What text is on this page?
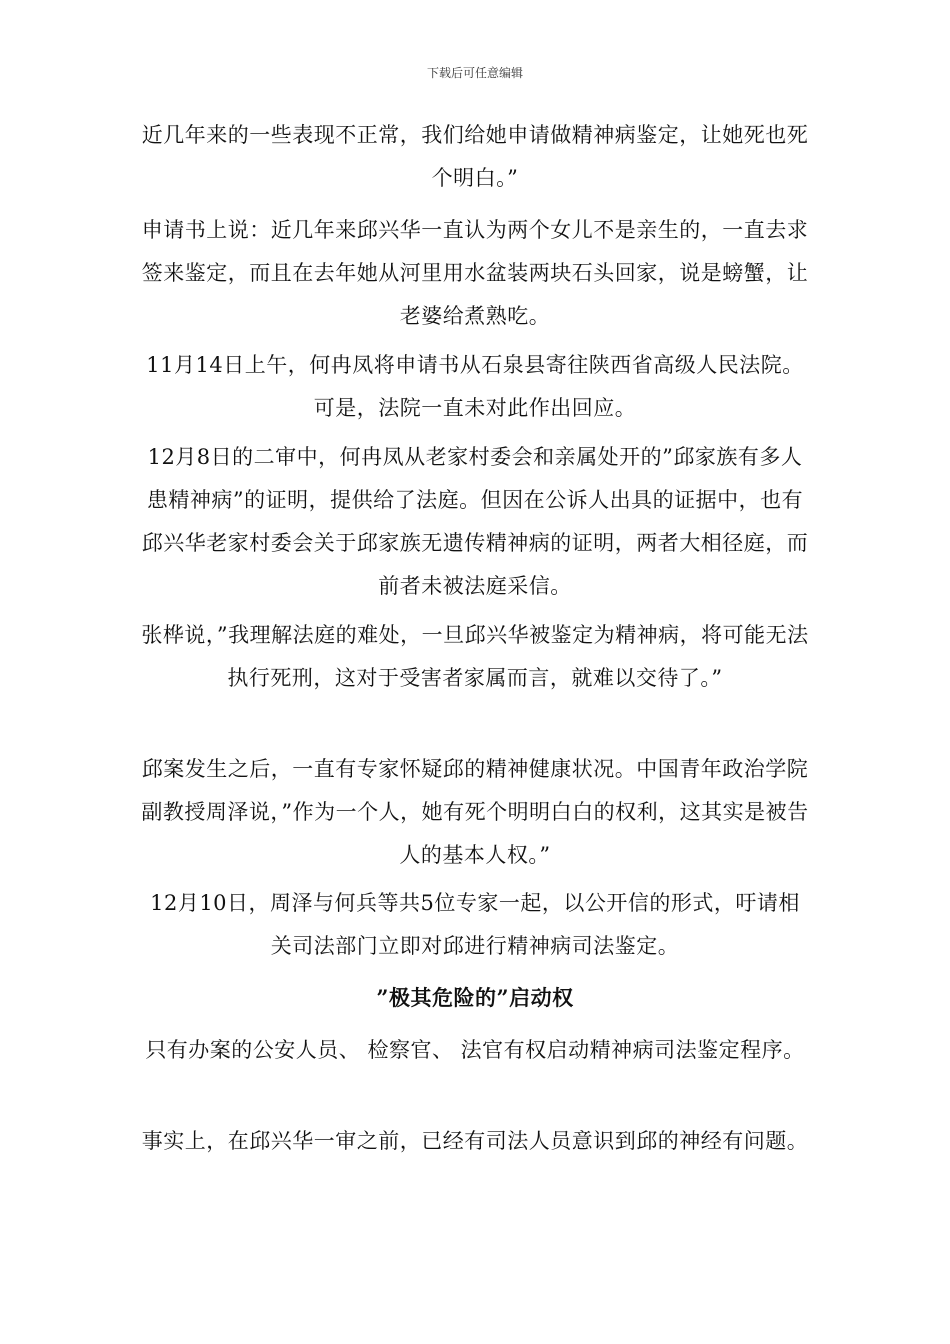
下载后可任意编辑
近几年来的一些表现不正常，我们给她申请做精神病鉴定，让她死也死个明白。”
申请书上说：近几年来邱兴华一直认为两个女儿不是亲生的，一直去求签来鉴定，而且在去年她从河里用水盆装两块石头回家，说是螃蟹，让老婆给煮熟吃。
11月14日上午，何冉凤将申请书从石泉县寄往陕西省高级人民法院。可是，法院一直未对此作出回应。
12月8日的二审中，何冉凤从老家村委会和亲属处开的”邱家族有多人患精神病”的证明，提供给了法庭。但因在公诉人出具的证据中，也有邱兴华老家村委会关于邱家族无遗传精神病的证明，两者大相径庭，而前者未被法庭采信。
张桦说，”我理解法庭的难处，一旦邱兴华被鉴定为精神病，将可能无法执行死刑，这对于受害者家属而言，就难以交待了。”
邱案发生之后，一直有专家怀疑邱的精神健康状况。中国青年政治学院副教授周泽说，”作为一个人，她有死个明明白白的权利，这其实是被告人的基本人权。”
12月10日，周泽与何兵等共5位专家一起，以公开信的形式，吁请相关司法部门立即对邱进行精神病司法鉴定。
”极其危险的”启动权
只有办案的公安人员、 检察官、 法官有权启动精神病司法鉴定程序。
事实上，在邱兴华一审之前，已经有司法人员意识到邱的神经有问题。
